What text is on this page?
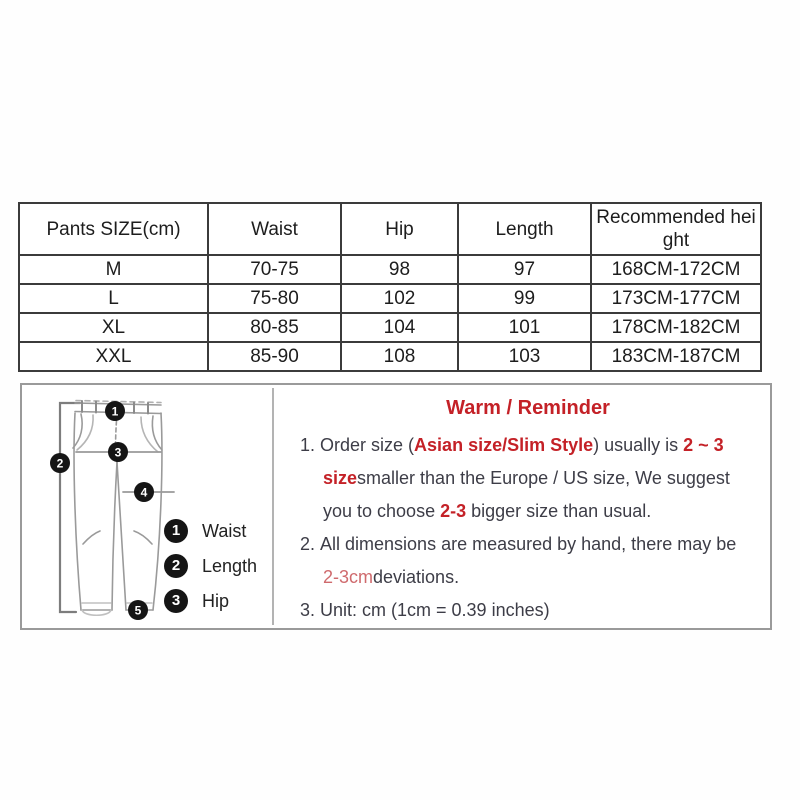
Pants SIZE(cm)	Waist	Hip	Length	Recommended height
M	70-75	98	97	168CM-172CM
L	75-80	102	99	173CM-177CM
XL	80-85	104	101	178CM-182CM
XXL	85-90	108	103	183CM-187CM
1
2
3
4
5
1	Waist
2	Length
3	Hip
Warm / Reminder
1. Order size (Asian size/Slim Style) usually is 2 ~ 3 sizesmaller than the Europe / US size, We suggest you to choose 2-3 bigger size than usual.
2. All dimensions are measured by hand, there may be 2-3cmdeviations.
3. Unit: cm (1cm = 0.39 inches)
